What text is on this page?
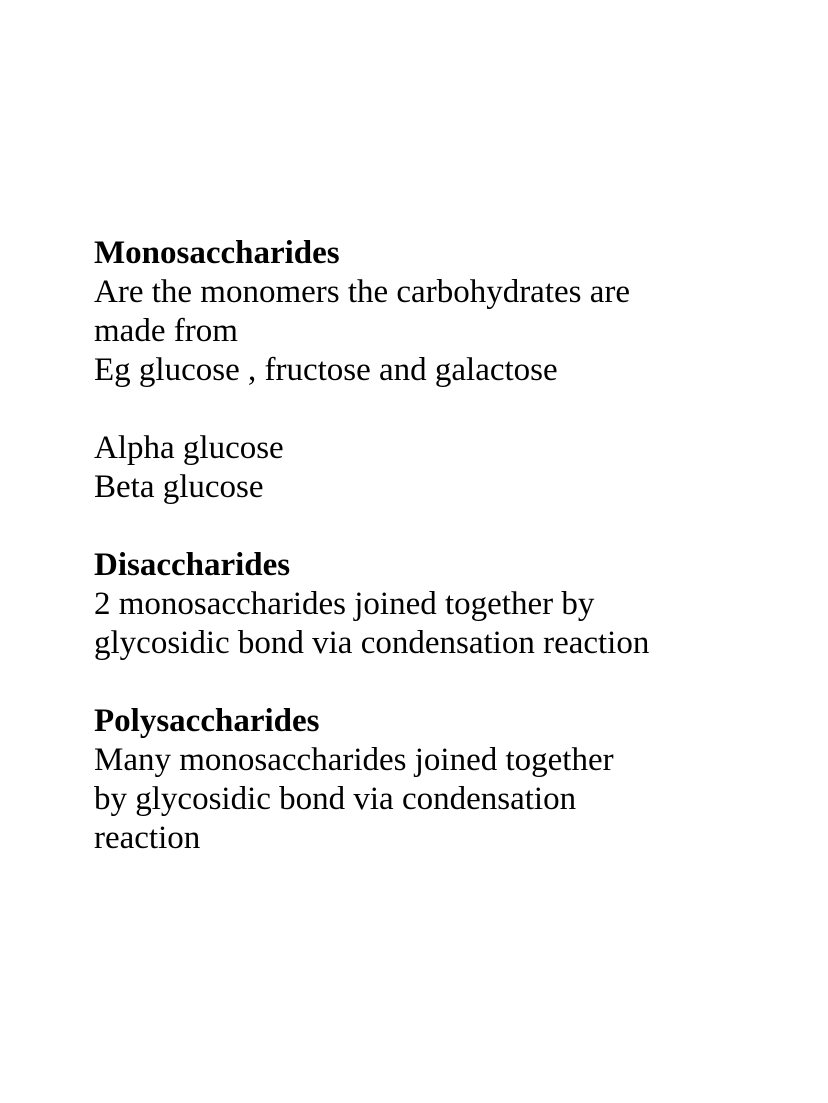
Monosaccharides
Are the monomers the carbohydrates are
made from
Eg glucose , fructose and galactose
Alpha glucose
Beta glucose
Disaccharides
2 monosaccharides joined together by
glycosidic bond via condensation reaction
Polysaccharides
Many monosaccharides joined together
by glycosidic bond via condensation
reaction
